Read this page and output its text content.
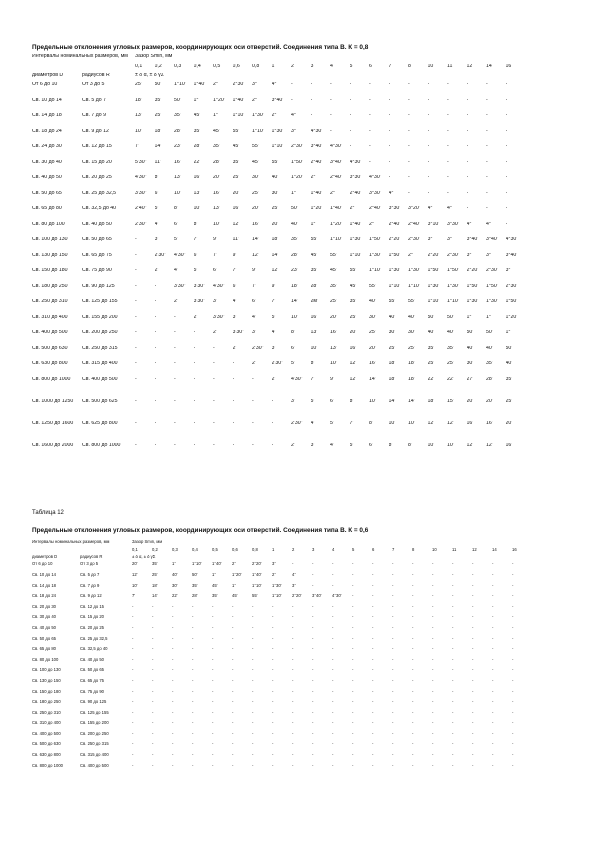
Предельные отклонения угловых размеров, координирующих оси отверстий. Соединения типа В. К = 0,8
Интервалы номинальных размеров, мм		Зазор Smin, мм																			
		0,1	0,2	0,3	0,4	0,5	0,6	0,8	1	2	3	4	5	6	7	8	10	11	12	14	16
диаметров D	радиусов R	± δ α, ± δ γΣ																			
От 6 до 10	От 3 до 5	25'	50'	1°10'	1°40'	2°	2°30'	3°	4°	-	-	-	-	-	-	-	-	-	-	-	-
Св. 10 до 14	Св. 5 до 7	18'	35'	50'	1°	1°20'	1°40'	2°	3°40'	-	-	-	-	-	-	-	-	-	-	-	-
Св. 14 до 18	Св. 7 до 9	13'	25'	35'	45'	1°	1°10'	1°30'	2°	4°	-	-	-	-	-	-	-	-	-	-	-
Св. 18 до 24	Св. 9 до 12	10'	18'	28'	35'	45'	55'	1°10'	1°30'	3°	4°30'	-	-	-	-	-	-	-	-	-	-
Св. 24 до 30	Св. 12 до 15	7'	14'	23'	28'	35'	45'	55'	1°10'	2°30'	3°40'	4°30'	-	-	-	-	-	-	-	-	-
Св. 30 до 40	Св. 15 до 20	5'30"	11'	16'	22'	28'	35'	45'	55'	1°50'	2°40'	3°40'	4°30'	-	-	-	-	-	-	-	-
Св. 40 до 50	Св. 20 до 25	4'30"	8'	13'	16'	20'	25'	30'	40'	1°20'	2°	2°40'	3°30'	4°30'	-	-	-	-	-	-	-
Св. 50 до 65	Св. 25 до 32,5	3'30"	6'	10'	13'	16'	20'	25'	30'	1°	1°40'	2°	2°40'	3°30'	4°	-	-	-	-	-	-
Св. 65 до 80	Св. 32,5 до 40	2'40"	5'	8'	10'	13'	16'	20'	25'	50'	1°20'	1°40'	2°	2°40'	3°30'	3°20'	4°	4°	-	-	-
Св. 80 до 100	Св. 40 до 50	2'30"	4'	6'	8'	10'	12'	16'	20'	40'	1°	1°20'	1°40'	2°	2°40'	2°40'	3°10'	3°30'	4°	4°	-
Св. 100 до 130	Св. 50 до 65	-	3'	5'	7'	9'	11'	14'	18'	35'	55'	1°10'	1°30'	1°50'	2°20'	2°30'	3°	3°	3°40'	3°40'	4°30'
Св. 130 до 150	Св. 65 до 75	-	2'30"	4'30"	6'	7'	9'	12'	14'	28'	45'	55'	1°10'	1°30'	1°50'	2°	2°20'	2°30'	3°	3°	3°40'
Св. 150 до 180	Св. 75 до 90	-	2'	4'	5'	6'	7'	9'	12'	23'	35'	45'	55'	1°10'	1°30'	1°30'	1°50'	1°50'	2°20'	2°30'	3°
Св. 180 до 250	Св. 90 до 125	-	-	3'30"	3'30"	4'30"	6'	7'	9'	18'	28'	35'	45'	55'	1°10'	1°10'	1°30'	1°30'	1°50'	1°50'	2°30'
Св. 250 до 310	Св. 125 до 155	-	-	2'	3'30"	3'	4'	6'	7'	14'	2м'	25'	35'	40'	55'	55'	1°10'	1°10'	1°30'	1°30'	1°50'
Св. 310 до 400	Св. 155 до 200	-	-	-	2'	3'30"	3'	4'	5'	10'	16'	20'	25'	30'	40'	40'	50'	50'	1°	1°	1°20'
Св. 400 до 500	Св. 200 до 250	-	-	-	-	2'	3'30"	3'	4'	8'	13'	16'	20'	25'	30'	30'	40'	40'	50'	50'	1°
Св. 500 до 630	Св. 250 до 315	-	-	-	-	-	2'	2'30"	3'	6'	10'	13'	16'	20'	25'	25'	35'	35'	40'	40'	50'
Св. 630 до 800	Св. 315 до 400	-	-	-	-	-	-	2'	2'30"	5'	8'	10'	12'	16'	18'	18'	25'	25'	30'	35'	40'
Св. 800 до 1000	Св. 400 до 500	-	-	-	-	-	-	-	2'	4'30"	7'	9'	12'	14'	18'	18'	22'	22'	27'	28'	35'
Св. 1000 до 1250	Св. 500 до 625	-	-	-	-	-	-	-	-	3'	5'	6'	8'	10'	14'	14'	18'	15'	20'	20'	25'
Св. 1250 до 1600	Св. 625 до 800	-	-	-	-	-	-	-	-	2'30"	4'	5'	7'	8'	10'	10'	12'	12'	16'	16'	20'
Св. 1600 до 2000	Св. 800 до 1000	-	-	-	-	-	-	-	-	2'	3'	4'	5'	6'	8'	8'	10'	10'	12'	12'	16'
Таблица 12
Предельные отклонения угловых размеров, координирующих оси отверстий. Соединения типа В. К = 0,6
Интервалы номинальных размеров, мм		Зазор Smin, мм																			
		0,1	0,2	0,3	0,4	0,5	0,6	0,8	1	2	3	4	5	6	7	8	10	11	12	14	16
диаметров D	радиусов R	± δ α, ± δ γΣ																			
От 6 до 10	От 3 до 5	20'	35'	1°	1°10'	1°40'	2°	2°20'	3°	-	-	-	-	-	-	-	-	-	-	-	-
Св. 10 до 14	Св. 5 до 7	12'	25'	40'	50'	1°	1°20'	1°40'	2°	4°	-	-	-	-	-	-	-	-	-	-	-
Св. 14 до 18	Св. 7 до 9	10'	18'	30'	35'	45'	1°	1°10'	1°30'	3°	-	-	-	-	-	-	-	-	-	-	-
Св. 18 до 24	Св. 9 до 12	7'	14'	22'	28'	35'	45'	55'	1°10'	2°20'	3°40'	4°30'	-	-	-	-	-	-	-	-	-
Св. 20 до 30	Св. 12 до 15	-	-	-	-	-	-	-	-	-	-	-	-	-	-	-	-	-	-	-	-
Св. 30 до 40	Св. 15 до 20	-	-	-	-	-	-	-	-	-	-	-	-	-	-	-	-	-	-	-	-
Св. 40 до 50	Св. 20 до 25	-	-	-	-	-	-	-	-	-	-	-	-	-	-	-	-	-	-	-	-
Св. 50 до 65	Св. 25 до 32,5	-	-	-	-	-	-	-	-	-	-	-	-	-	-	-	-	-	-	-	-
Св. 65 до 80	Св. 32,5 до 40	-	-	-	-	-	-	-	-	-	-	-	-	-	-	-	-	-	-	-	-
Св. 80 до 100	Св. 40 до 50	-	-	-	-	-	-	-	-	-	-	-	-	-	-	-	-	-	-	-	-
Св. 100 до 130	Св. 50 до 65	-	-	-	-	-	-	-	-	-	-	-	-	-	-	-	-	-	-	-	-
Св. 130 до 150	Св. 65 до 75	-	-	-	-	-	-	-	-	-	-	-	-	-	-	-	-	-	-	-	-
Св. 150 до 180	Св. 75 до 90	-	-	-	-	-	-	-	-	-	-	-	-	-	-	-	-	-	-	-	-
Св. 180 до 250	Св. 90 до 125	-	-	-	-	-	-	-	-	-	-	-	-	-	-	-	-	-	-	-	-
Св. 250 до 310	Св. 125 до 155	-	-	-	-	-	-	-	-	-	-	-	-	-	-	-	-	-	-	-	-
Св. 310 до 400	Св. 155 до 200	-	-	-	-	-	-	-	-	-	-	-	-	-	-	-	-	-	-	-	-
Св. 400 до 500	Св. 200 до 250	-	-	-	-	-	-	-	-	-	-	-	-	-	-	-	-	-	-	-	-
Св. 500 до 630	Св. 250 до 315	-	-	-	-	-	-	-	-	-	-	-	-	-	-	-	-	-	-	-	-
Св. 630 до 800	Св. 315 до 400	-	-	-	-	-	-	-	-	-	-	-	-	-	-	-	-	-	-	-	-
Св. 800 до 1000	Св. 400 до 500	-	-	-	-	-	-	-	-	-	-	-	-	-	-	-	-	-	-	-	-
